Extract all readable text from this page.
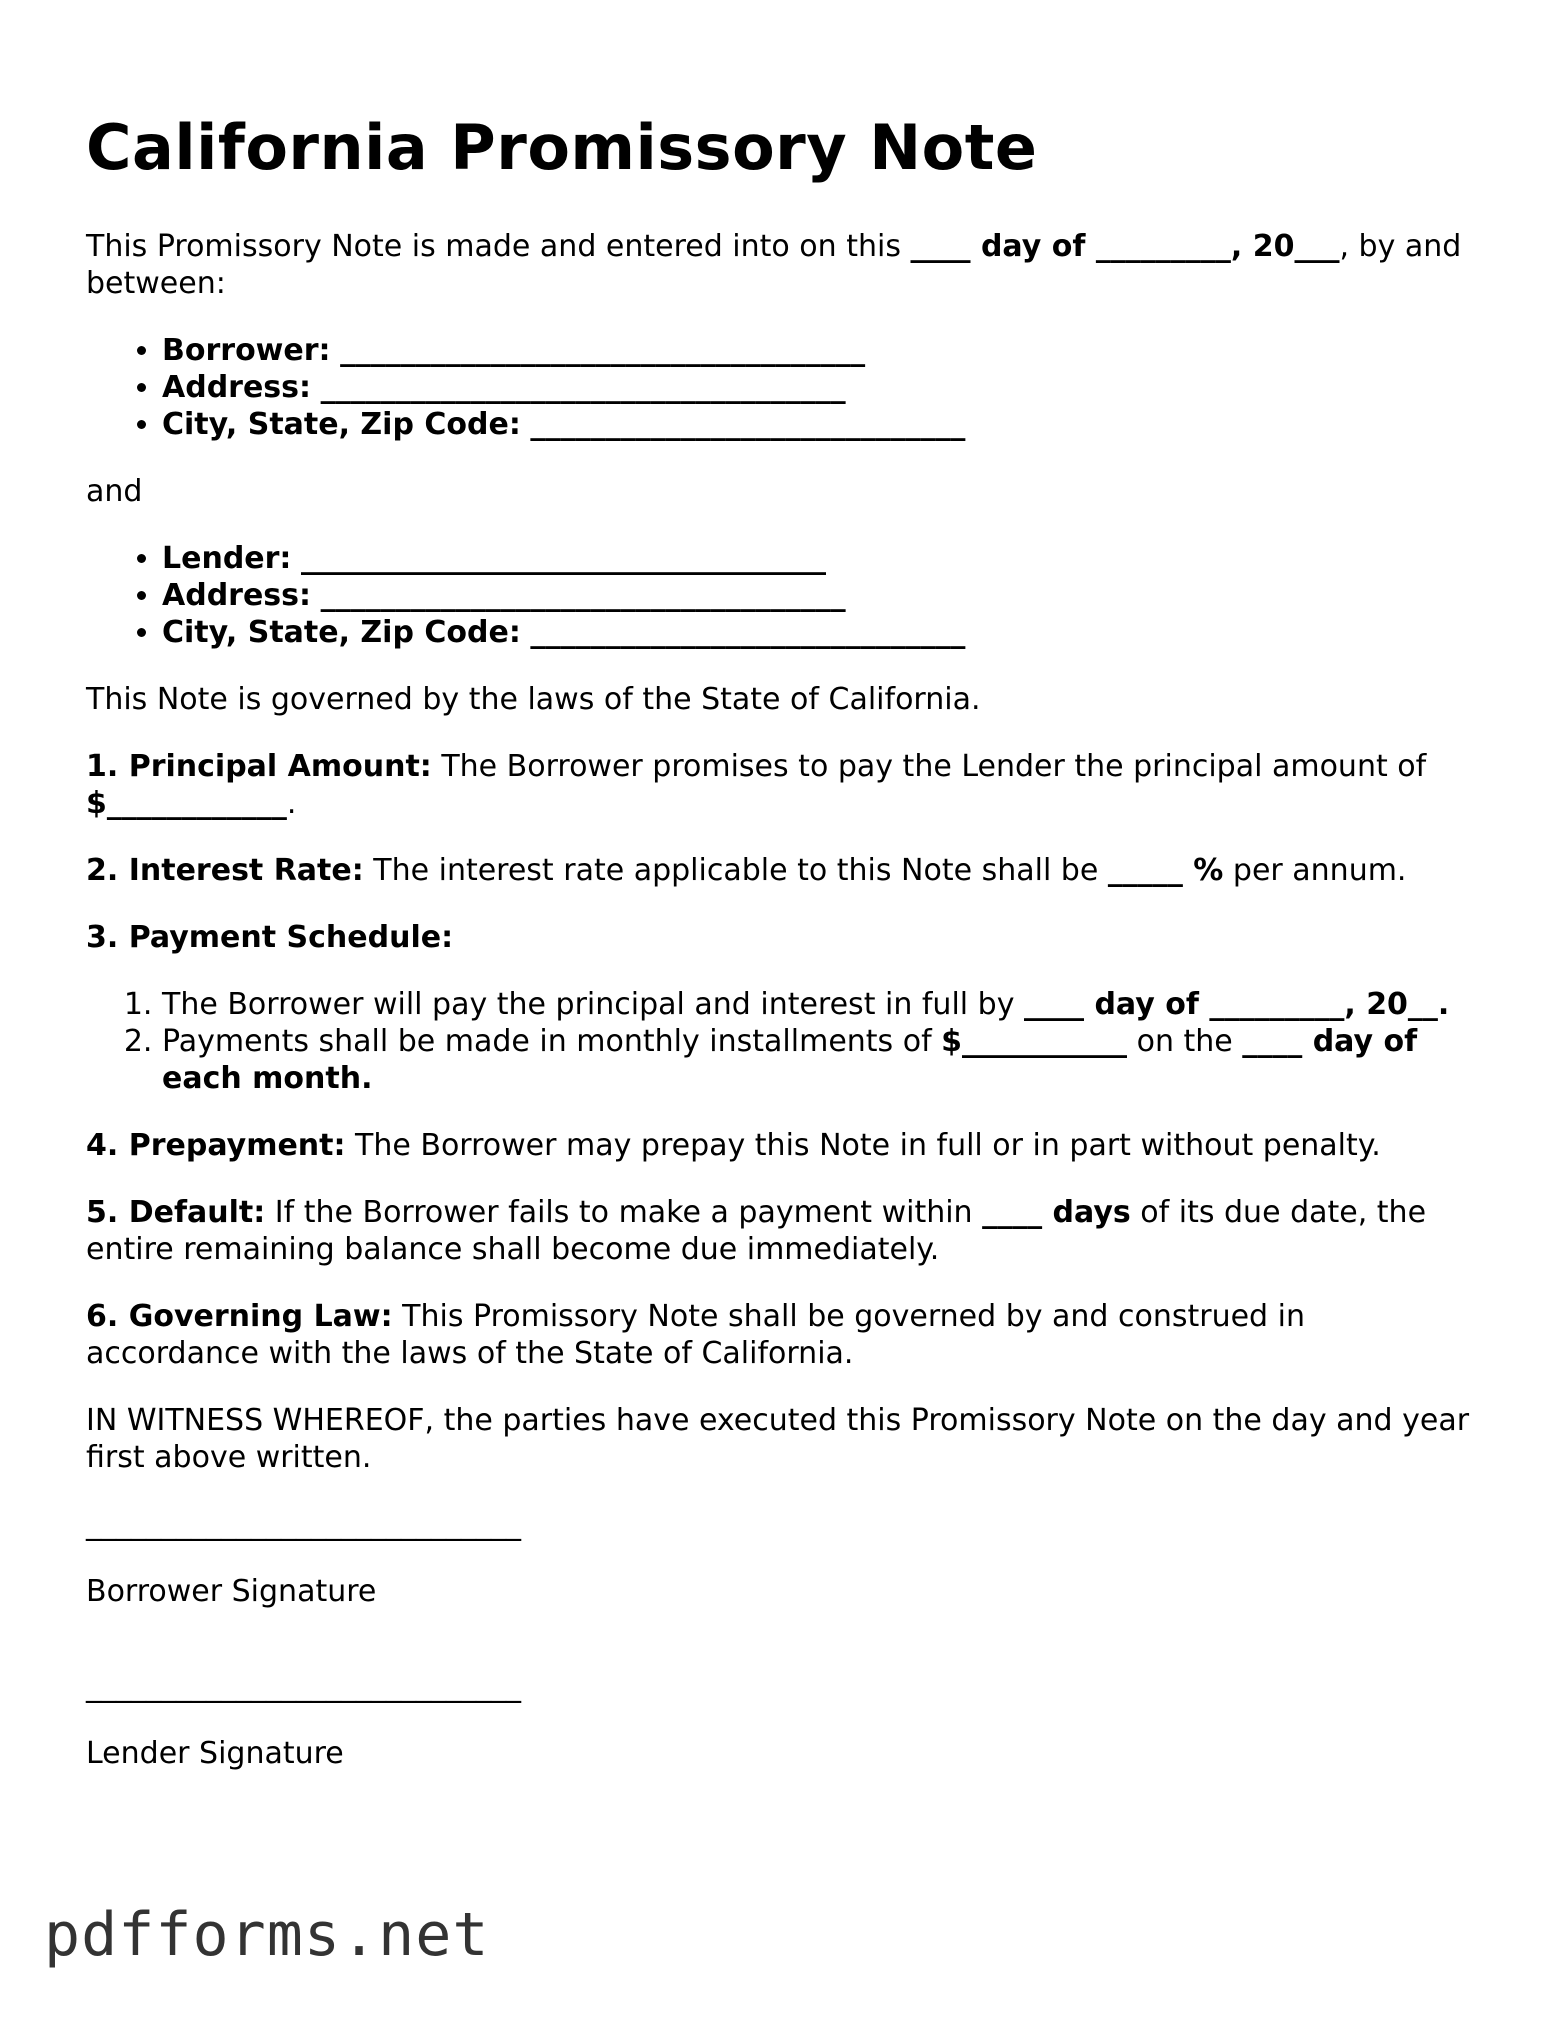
California Promissory Note

This Promissory Note is made and entered into on this ____ day of _________, 20___, by and between:

• Borrower: ___________________________________
• Address: ___________________________________
• City, State, Zip Code: _____________________________

and

• Lender: ___________________________________
• Address: ___________________________________
• City, State, Zip Code: _____________________________

This Note is governed by the laws of the State of California.

1. Principal Amount: The Borrower promises to pay the Lender the principal amount of $____________.

2. Interest Rate: The interest rate applicable to this Note shall be _____ % per annum.

3. Payment Schedule:

1. The Borrower will pay the principal and interest in full by ____ day of _________, 20__.
2. Payments shall be made in monthly installments of $___________ on the ____ day of each month.

4. Prepayment: The Borrower may prepay this Note in full or in part without penalty.

5. Default: If the Borrower fails to make a payment within ____ days of its due date, the entire remaining balance shall become due immediately.

6. Governing Law: This Promissory Note shall be governed by and construed in accordance with the laws of the State of California.

IN WITNESS WHEREOF, the parties have executed this Promissory Note on the day and year first above written.

_____________________________

Borrower Signature

_____________________________

Lender Signature

pdfforms.net
